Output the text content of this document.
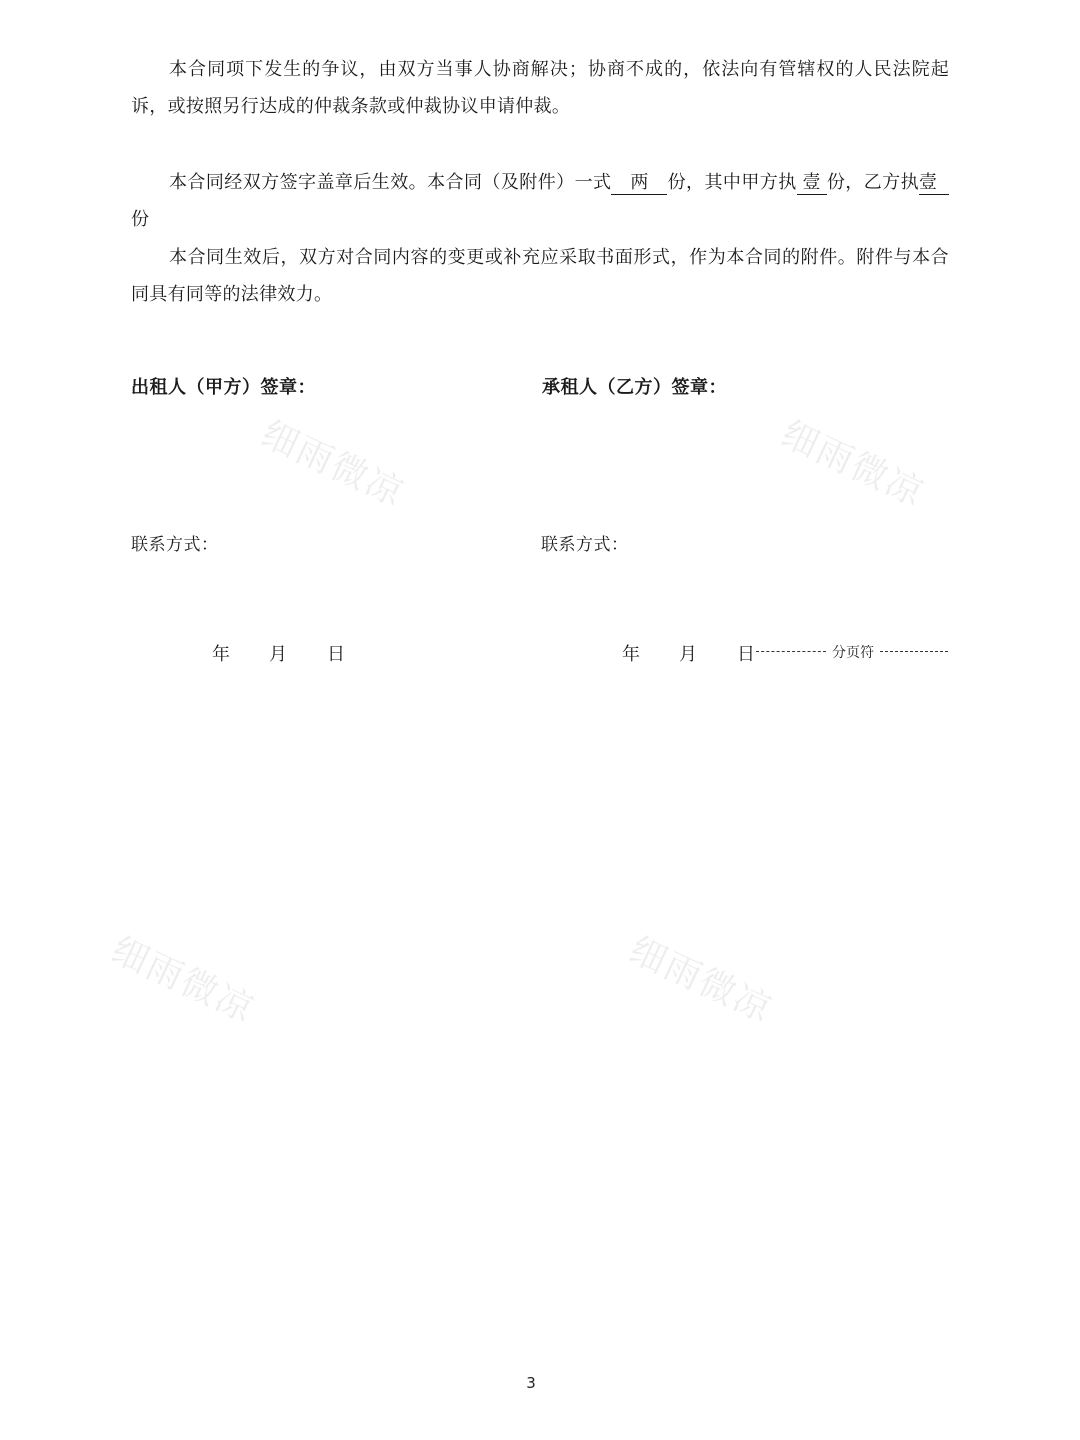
细雨微凉	细雨微凉
细雨微凉	细雨微凉
本合同项下发生的争议，由双方当事人协商解决；协商不成的，依法向有管辖权的人民法院起诉，或按照另行达成的仲裁条款或仲裁协议申请仲裁。
本合同经双方签字盖章后生效。本合同（及附件）一式 两 份，其中甲方执 壹 份，乙方执壹份
本合同生效后，双方对合同内容的变更或补充应采取书面形式，作为本合同的附件。附件与本合同具有同等的法律效力。
出租人（甲方）签章：	承租人（乙方）签章：
联系方式：	联系方式：
年 月 日	年 月 日	分页符
3
